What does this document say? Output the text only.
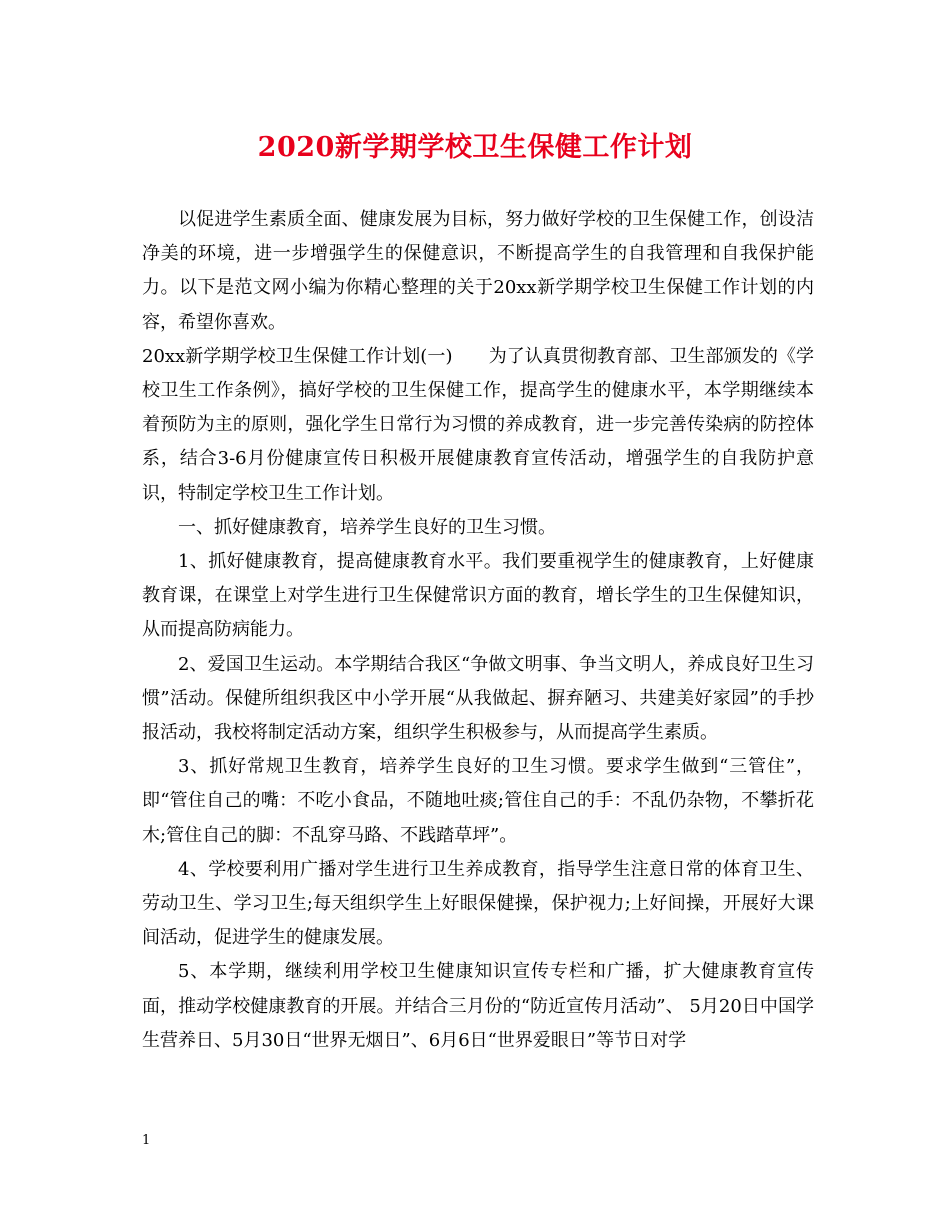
2020新学期学校卫生保健工作计划

以促进学生素质全面、健康发展为目标，努力做好学校的卫生保健工作，创设洁净美的环境，进一步增强学生的保健意识，不断提高学生的自我管理和自我保护能力。以下是范文网小编为你精心整理的关于20xx新学期学校卫生保健工作计划的内容，希望你喜欢。

20xx新学期学校卫生保健工作计划(一)　　为了认真贯彻教育部、卫生部颁发的《学校卫生工作条例》，搞好学校的卫生保健工作，提高学生的健康水平，本学期继续本着预防为主的原则，强化学生日常行为习惯的养成教育，进一步完善传染病的防控体系，结合3-6月份健康宣传日积极开展健康教育宣传活动，增强学生的自我防护意识，特制定学校卫生工作计划。

一、抓好健康教育，培养学生良好的卫生习惯。

1、抓好健康教育，提高健康教育水平。我们要重视学生的健康教育，上好健康教育课，在课堂上对学生进行卫生保健常识方面的教育，增长学生的卫生保健知识，从而提高防病能力。

2、爱国卫生运动。本学期结合我区“争做文明事、争当文明人，养成良好卫生习惯”活动。保健所组织我区中小学开展“从我做起、摒弃陋习、共建美好家园”的手抄报活动，我校将制定活动方案，组织学生积极参与，从而提高学生素质。

3、抓好常规卫生教育，培养学生良好的卫生习惯。要求学生做到“三管住”，即“管住自己的嘴：不吃小食品，不随地吐痰;管住自己的手：不乱仍杂物，不攀折花木;管住自己的脚：不乱穿马路、不践踏草坪”。

4、学校要利用广播对学生进行卫生养成教育，指导学生注意日常的体育卫生、劳动卫生、学习卫生;每天组织学生上好眼保健操，保护视力;上好间操，开展好大课间活动，促进学生的健康发展。

5、本学期，继续利用学校卫生健康知识宣传专栏和广播，扩大健康教育宣传面，推动学校健康教育的开展。并结合三月份的“防近宣传月活动”、 5月20日中国学生营养日、5月30日“世界无烟日”、6月6日“世界爱眼日”等节日对学

1
